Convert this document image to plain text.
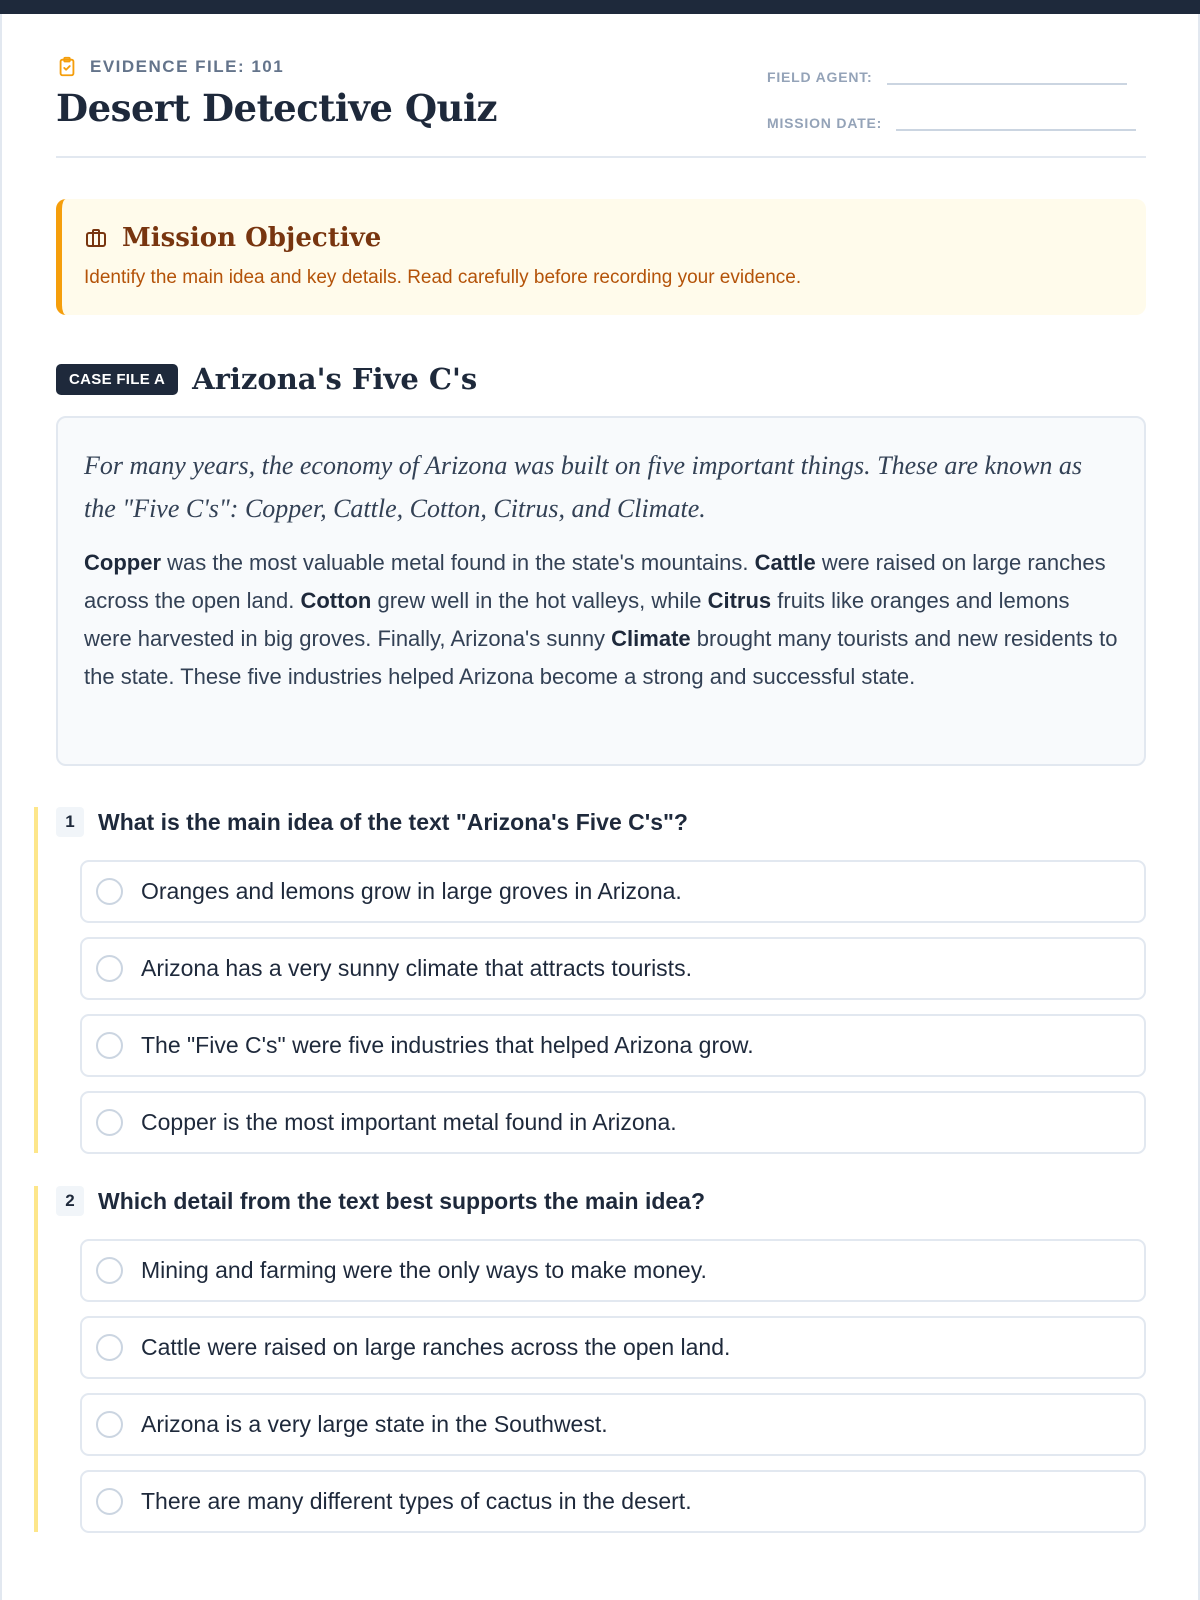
EVIDENCE FILE: 101
Desert Detective Quiz
FIELD AGENT:
MISSION DATE:
Mission Objective

Identify the main idea and key details. Read carefully before recording your evidence.

CASE FILE A Arizona's Five C's

For many years, the economy of Arizona was built on five important things. These are known as the "Five C's": Copper, Cattle, Cotton, Citrus, and Climate.

Copper was the most valuable metal found in the state's mountains. Cattle were raised on large ranches across the open land. Cotton grew well in the hot valleys, while Citrus fruits like oranges and lemons were harvested in big groves. Finally, Arizona's sunny Climate brought many tourists and new residents to the state. These five industries helped Arizona become a strong and successful state.

1	What is the main idea of the text "Arizona's Five C's"?
Oranges and lemons grow in large groves in Arizona.
Arizona has a very sunny climate that attracts tourists.
The "Five C's" were five industries that helped Arizona grow.
Copper is the most important metal found in Arizona.
2	Which detail from the text best supports the main idea?
Mining and farming were the only ways to make money.
Cattle were raised on large ranches across the open land.
Arizona is a very large state in the Southwest.
There are many different types of cactus in the desert.
